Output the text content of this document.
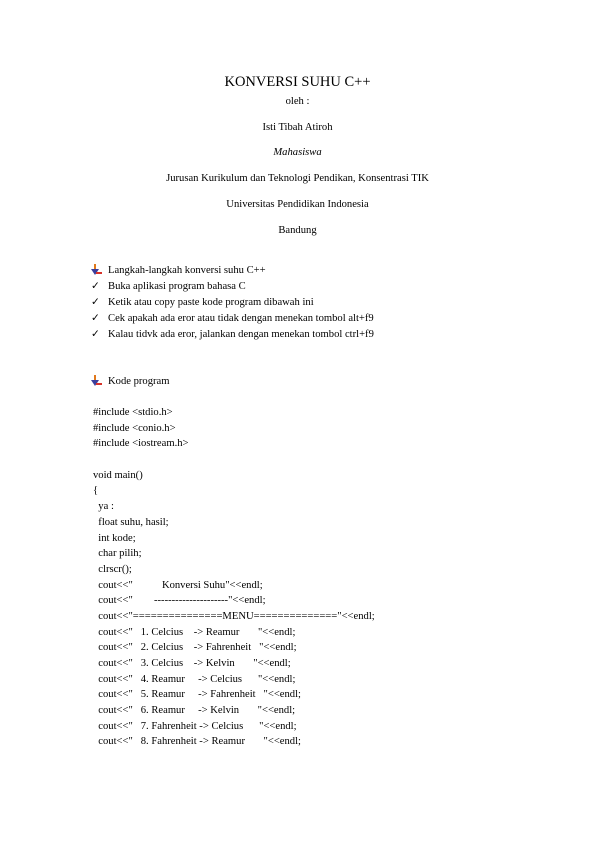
KONVERSI SUHU C++
oleh :
Isti Tibah Atiroh
Mahasiswa
Jurusan Kurikulum dan Teknologi Pendikan, Konsentrasi TIK
Universitas Pendidikan Indonesia
Bandung
Langkah-langkah konversi suhu C++
✓ Buka aplikasi program bahasa C
✓ Ketik atau copy paste kode program dibawah ini
✓ Cek apakah ada eror atau tidak dengan menekan tombol alt+f9
✓ Kalau tidvk ada eror, jalankan dengan menekan tombol ctrl+f9
Kode program
#include <stdio.h>
#include <conio.h>
#include <iostream.h>
void main()
{
ya :
float suhu, hasil;
int kode;
char pilih;
clrscr();
cout<<"           Konversi Suhu"<<endl;
cout<<"        ---------------------"<<endl;
cout<<"===============MENU=============="<<endl;
cout<<"   1. Celcius    -> Reamur       "<<endl;
cout<<"   2. Celcius    -> Fahrenheit   "<<endl;
cout<<"   3. Celcius    -> Kelvin       "<<endl;
cout<<"   4. Reamur     -> Celcius      "<<endl;
cout<<"   5. Reamur     -> Fahrenheit   "<<endl;
cout<<"   6. Reamur     -> Kelvin       "<<endl;
cout<<"   7. Fahrenheit -> Celcius      "<<endl;
cout<<"   8. Fahrenheit -> Reamur       "<<endl;
